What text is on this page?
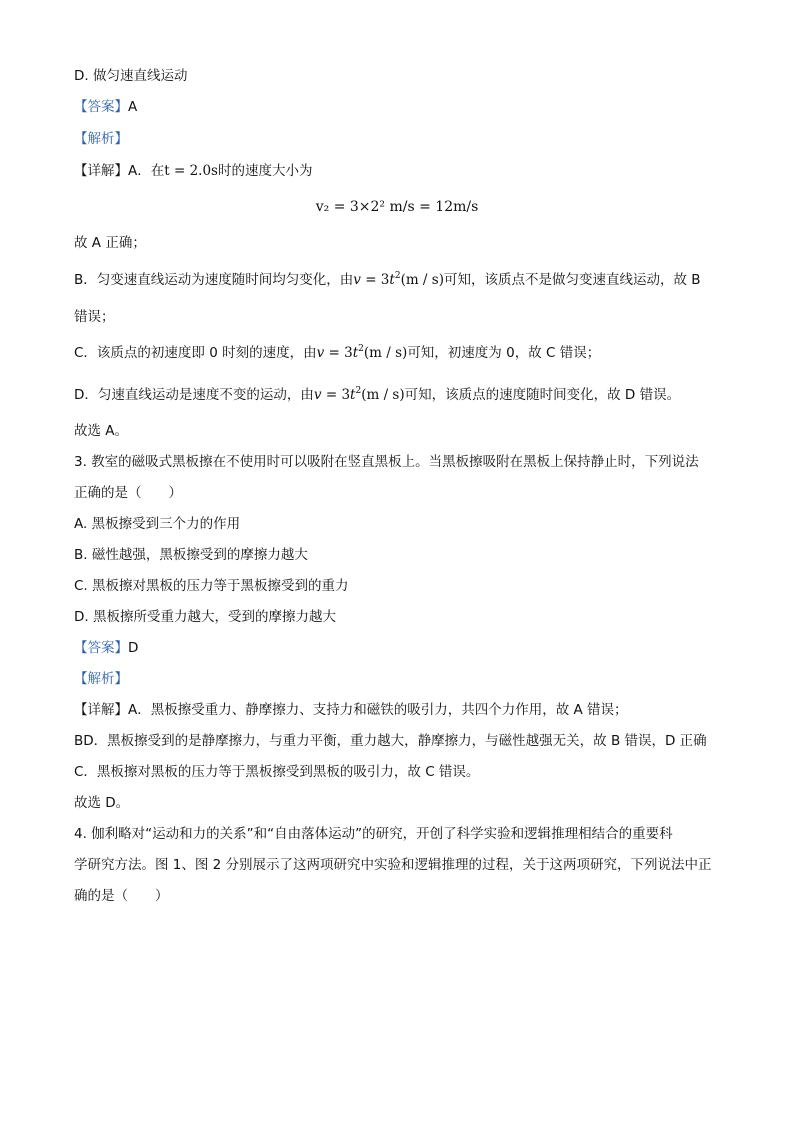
D. 做匀速直线运动
【答案】A
【解析】
【详解】A．在t = 2.0s时的速度大小为
v₂ = 3×2² m/s = 12m/s
故 A 正确；
B．匀变速直线运动为速度随时间均匀变化，由$v = 3t^2(m / s)$可知，该质点不是做匀变速直线运动，故 B
错误；
C．该质点的初速度即 0 时刻的速度，由$v = 3t^2(m / s)$可知，初速度为 0，故 C 错误；
D．匀速直线运动是速度不变的运动，由$v = 3t^2(m / s)$可知，该质点的速度随时间变化，故 D 错误。
故选 A。
3. 教室的磁吸式黑板擦在不使用时可以吸附在竖直黑板上。当黑板擦吸附在黑板上保持静止时，下列说法
正确的是（　　）
A. 黑板擦受到三个力的作用
B. 磁性越强，黑板擦受到的摩擦力越大
C. 黑板擦对黑板的压力等于黑板擦受到的重力
D. 黑板擦所受重力越大，受到的摩擦力越大
【答案】D
【解析】
【详解】A．黑板擦受重力、静摩擦力、支持力和磁铁的吸引力，共四个力作用，故 A 错误；
BD．黑板擦受到的是静摩擦力，与重力平衡，重力越大，静摩擦力，与磁性越强无关，故 B 错误，D 正确
C．黑板擦对黑板的压力等于黑板擦受到黑板的吸引力，故 C 错误。
故选 D。
4. 伽利略对“运动和力的关系”和“自由落体运动”的研究，开创了科学实验和逻辑推理相结合的重要科
学研究方法。图 1、图 2 分别展示了这两项研究中实验和逻辑推理的过程，关于这两项研究，下列说法中正
确的是（　　）
